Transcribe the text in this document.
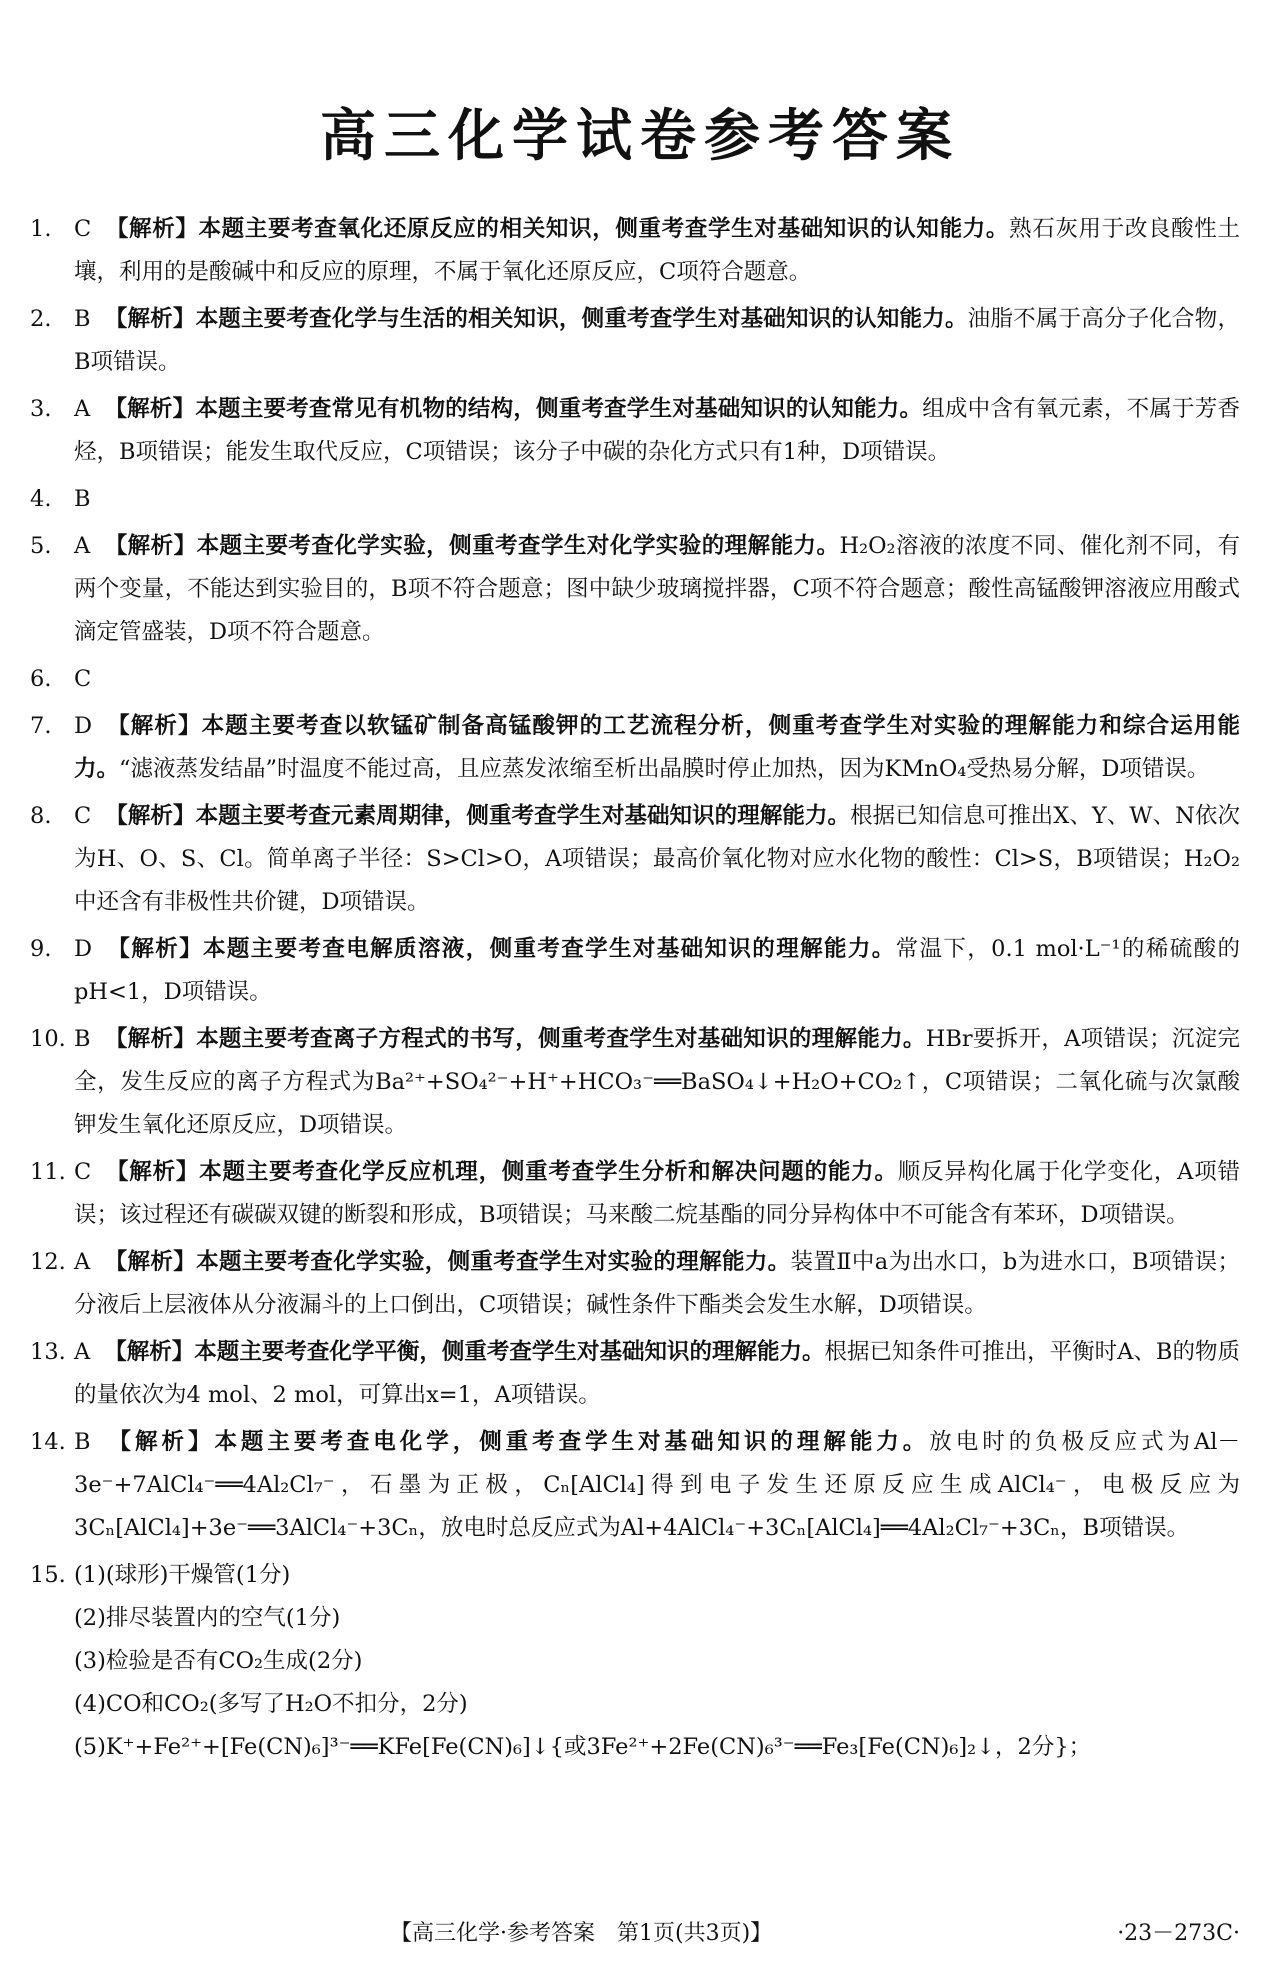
高三化学试卷参考答案
1.	C 【解析】本题主要考查氧化还原反应的相关知识，侧重考查学生对基础知识的认知能力。熟石灰用于改良酸性土壤，利用的是酸碱中和反应的原理，不属于氧化还原反应，C项符合题意。
2.	B 【解析】本题主要考查化学与生活的相关知识，侧重考查学生对基础知识的认知能力。油脂不属于高分子化合物，B项错误。
3.	A 【解析】本题主要考查常见有机物的结构，侧重考查学生对基础知识的认知能力。组成中含有氧元素，不属于芳香烃，B项错误；能发生取代反应，C项错误；该分子中碳的杂化方式只有1种，D项错误。
4.	B
5.	A 【解析】本题主要考查化学实验，侧重考查学生对化学实验的理解能力。H₂O₂溶液的浓度不同、催化剂不同，有两个变量，不能达到实验目的，B项不符合题意；图中缺少玻璃搅拌器，C项不符合题意；酸性高锰酸钾溶液应用酸式滴定管盛装，D项不符合题意。
6.	C
7.	D 【解析】本题主要考查以软锰矿制备高锰酸钾的工艺流程分析，侧重考查学生对实验的理解能力和综合运用能力。“滤液蒸发结晶”时温度不能过高，且应蒸发浓缩至析出晶膜时停止加热，因为KMnO₄受热易分解，D项错误。
8.	C 【解析】本题主要考查元素周期律，侧重考查学生对基础知识的理解能力。根据已知信息可推出X、Y、W、N依次为H、O、S、Cl。简单离子半径：S>Cl>O，A项错误；最高价氧化物对应水化物的酸性：Cl>S，B项错误；H₂O₂中还含有非极性共价键，D项错误。
9.	D 【解析】本题主要考查电解质溶液，侧重考查学生对基础知识的理解能力。常温下，0.1 mol·L⁻¹的稀硫酸的pH<1，D项错误。
10. B 【解析】本题主要考查离子方程式的书写，侧重考查学生对基础知识的理解能力。HBr要拆开，A项错误；沉淀完全，发生反应的离子方程式为Ba²⁺+SO₄²⁻+H⁺+HCO₃⁻══BaSO₄↓+H₂O+CO₂↑，C项错误；二氧化硫与次氯酸钾发生氧化还原反应，D项错误。
11. C 【解析】本题主要考查化学反应机理，侧重考查学生分析和解决问题的能力。顺反异构化属于化学变化，A项错误；该过程还有碳碳双键的断裂和形成，B项错误；马来酸二烷基酯的同分异构体中不可能含有苯环，D项错误。
12. A 【解析】本题主要考查化学实验，侧重考查学生对实验的理解能力。装置Ⅱ中a为出水口，b为进水口，B项错误；分液后上层液体从分液漏斗的上口倒出，C项错误；碱性条件下酯类会发生水解，D项错误。
13. A 【解析】本题主要考查化学平衡，侧重考查学生对基础知识的理解能力。根据已知条件可推出，平衡时A、B的物质的量依次为4 mol、2 mol，可算出x=1，A项错误。
14. B 【解析】本题主要考查电化学，侧重考查学生对基础知识的理解能力。放电时的负极反应式为Al－3e⁻+7AlCl₄⁻══4Al₂Cl₇⁻，石墨为正极，Cₙ[AlCl₄]得到电子发生还原反应生成AlCl₄⁻，电极反应为3Cₙ[AlCl₄]+3e⁻══3AlCl₄⁻+3Cₙ，放电时总反应式为Al+4AlCl₄⁻+3Cₙ[AlCl₄]══4Al₂Cl₇⁻+3Cₙ，B项错误。
15. (1)(球形)干燥管(1分)
(2)排尽装置内的空气(1分)
(3)检验是否有CO₂生成(2分)
(4)CO和CO₂(多写了H₂O不扣分，2分)
(5)K⁺+Fe²⁺+[Fe(CN)₆]³⁻══KFe[Fe(CN)₆]↓{或3Fe²⁺+2Fe(CN)₆³⁻══Fe₃[Fe(CN)₆]₂↓，2分}；
【高三化学·参考答案　第1页(共3页)】	·23－273C·
